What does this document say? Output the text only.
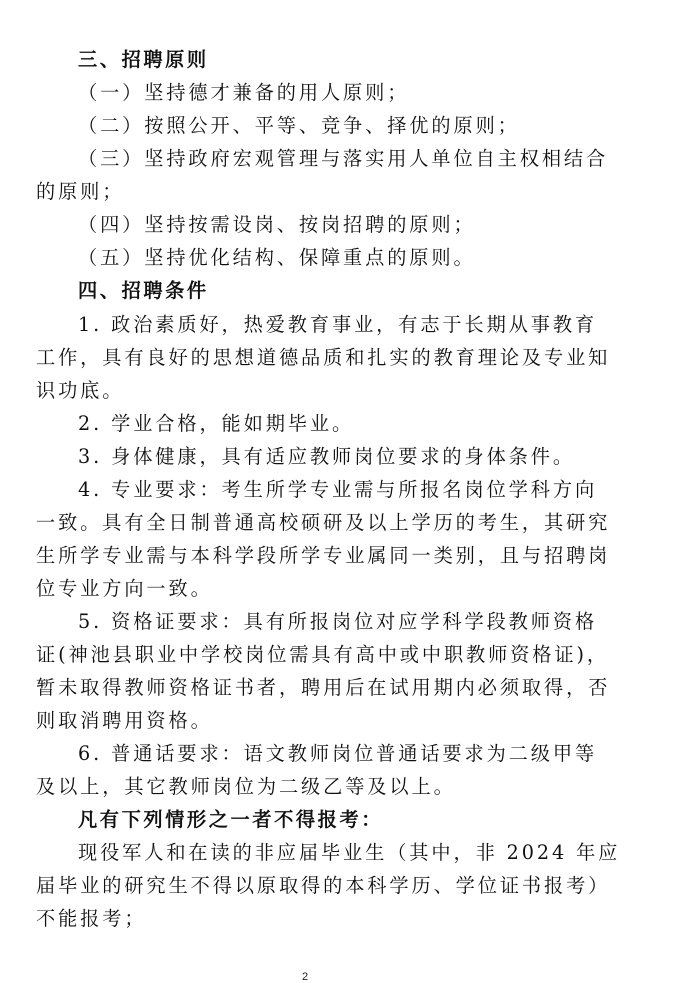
三、招聘原则
（一）坚持德才兼备的用人原则；
（二）按照公开、平等、竞争、择优的原则；
（三）坚持政府宏观管理与落实用人单位自主权相结合
的原则；
（四）坚持按需设岗、按岗招聘的原则；
（五）坚持优化结构、保障重点的原则。
四、招聘条件
1. 政治素质好，热爱教育事业，有志于长期从事教育
工作，具有良好的思想道德品质和扎实的教育理论及专业知
识功底。
2. 学业合格，能如期毕业。
3. 身体健康，具有适应教师岗位要求的身体条件。
4. 专业要求：考生所学专业需与所报名岗位学科方向
一致。具有全日制普通高校硕研及以上学历的考生，其研究
生所学专业需与本科学段所学专业属同一类别，且与招聘岗
位专业方向一致。
5. 资格证要求：具有所报岗位对应学科学段教师资格
证(神池县职业中学校岗位需具有高中或中职教师资格证)，
暂未取得教师资格证书者，聘用后在试用期内必须取得，否
则取消聘用资格。
6. 普通话要求：语文教师岗位普通话要求为二级甲等
及以上，其它教师岗位为二级乙等及以上。
凡有下列情形之一者不得报考：
现役军人和在读的非应届毕业生（其中，非 2024 年应
届毕业的研究生不得以原取得的本科学历、学位证书报考）
不能报考；
2
